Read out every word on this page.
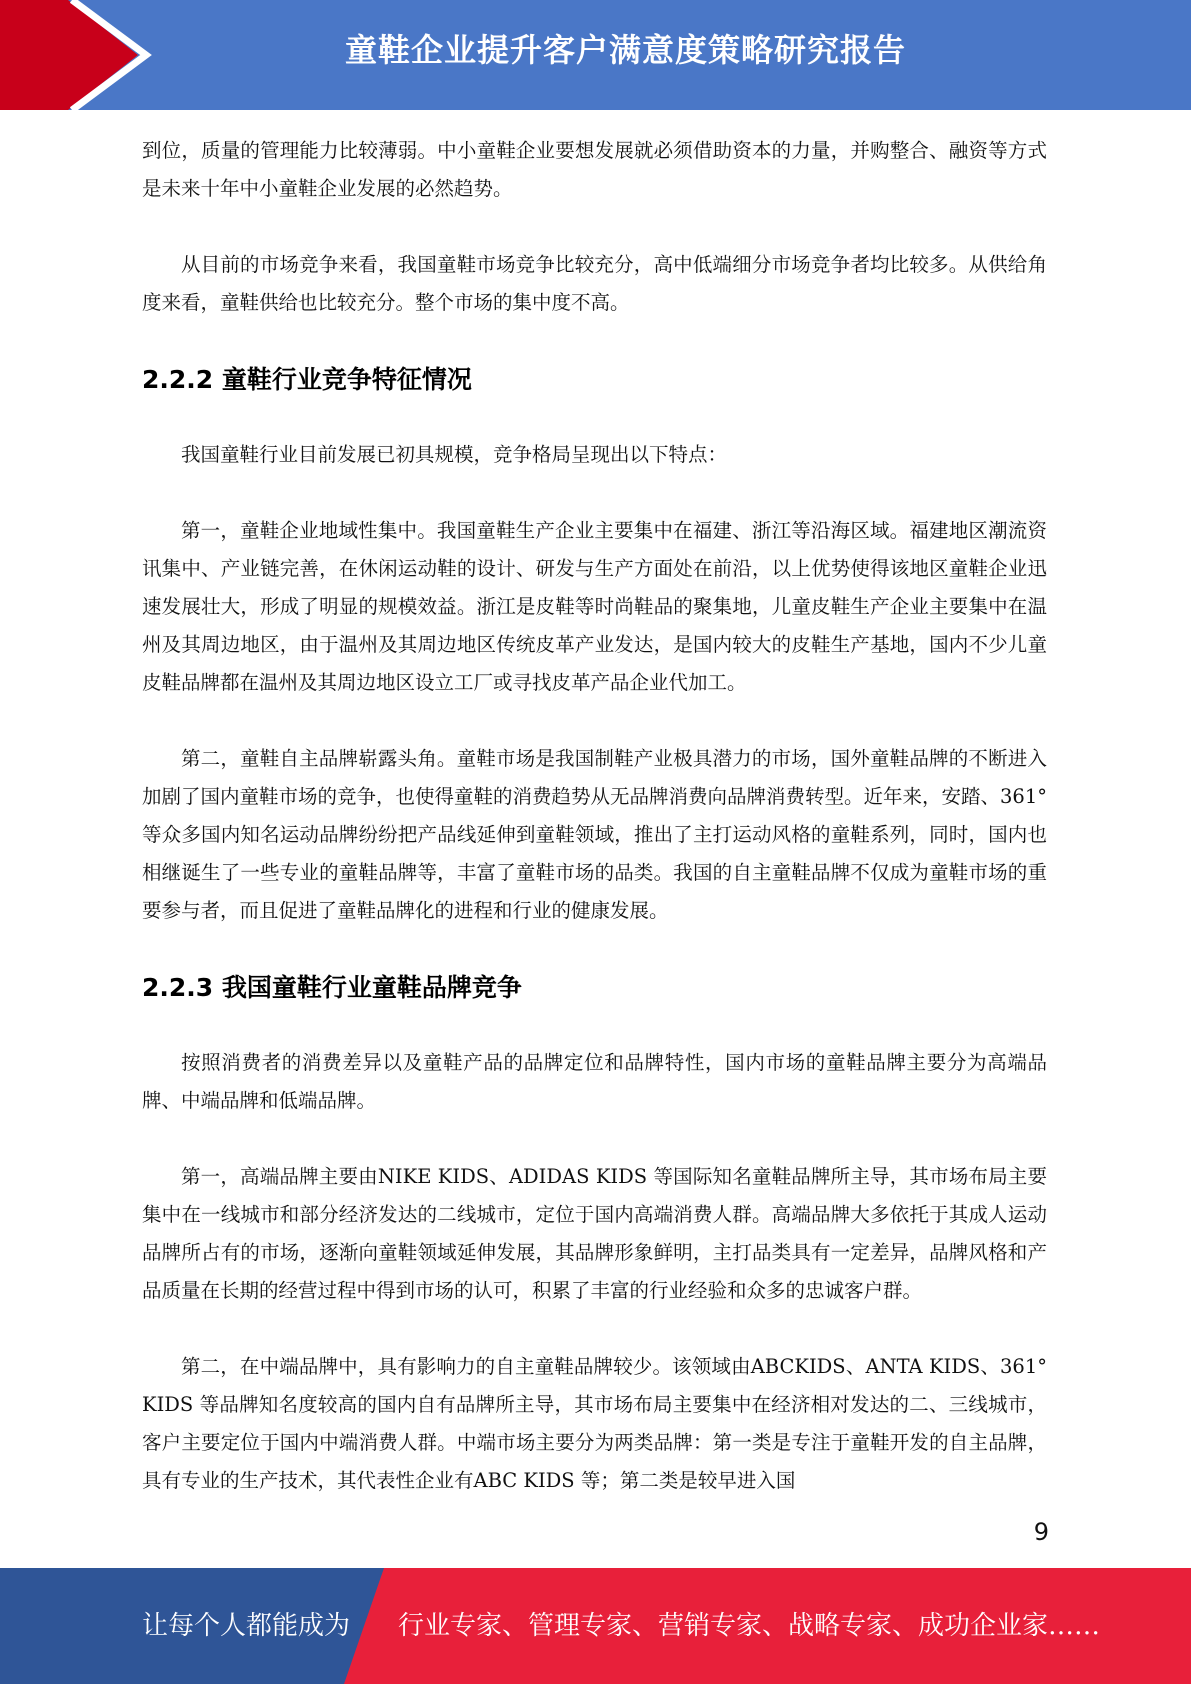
童鞋企业提升客户满意度策略研究报告

到位，质量的管理能力比较薄弱。中小童鞋企业要想发展就必须借助资本的力量，并购整合、融资等方式是未来十年中小童鞋企业发展的必然趋势。

从目前的市场竞争来看，我国童鞋市场竞争比较充分，高中低端细分市场竞争者均比较多。从供给角度来看，童鞋供给也比较充分。整个市场的集中度不高。

2.2.2 童鞋行业竞争特征情况

我国童鞋行业目前发展已初具规模，竞争格局呈现出以下特点：

第一，童鞋企业地域性集中。我国童鞋生产企业主要集中在福建、浙江等沿海区域。福建地区潮流资讯集中、产业链完善，在休闲运动鞋的设计、研发与生产方面处在前沿，以上优势使得该地区童鞋企业迅速发展壮大，形成了明显的规模效益。浙江是皮鞋等时尚鞋品的聚集地，儿童皮鞋生产企业主要集中在温州及其周边地区，由于温州及其周边地区传统皮革产业发达，是国内较大的皮鞋生产基地，国内不少儿童皮鞋品牌都在温州及其周边地区设立工厂或寻找皮革产品企业代加工。

第二，童鞋自主品牌崭露头角。童鞋市场是我国制鞋产业极具潜力的市场，国外童鞋品牌的不断进入加剧了国内童鞋市场的竞争，也使得童鞋的消费趋势从无品牌消费向品牌消费转型。近年来，安踏、361°等众多国内知名运动品牌纷纷把产品线延伸到童鞋领域，推出了主打运动风格的童鞋系列，同时，国内也相继诞生了一些专业的童鞋品牌等，丰富了童鞋市场的品类。我国的自主童鞋品牌不仅成为童鞋市场的重要参与者，而且促进了童鞋品牌化的进程和行业的健康发展。

2.2.3 我国童鞋行业童鞋品牌竞争

按照消费者的消费差异以及童鞋产品的品牌定位和品牌特性，国内市场的童鞋品牌主要分为高端品牌、中端品牌和低端品牌。

第一，高端品牌主要由NIKE KIDS、ADIDAS KIDS 等国际知名童鞋品牌所主导，其市场布局主要集中在一线城市和部分经济发达的二线城市，定位于国内高端消费人群。高端品牌大多依托于其成人运动品牌所占有的市场，逐渐向童鞋领域延伸发展，其品牌形象鲜明，主打品类具有一定差异，品牌风格和产品质量在长期的经营过程中得到市场的认可，积累了丰富的行业经验和众多的忠诚客户群。

第二，在中端品牌中，具有影响力的自主童鞋品牌较少。该领域由ABCKIDS、ANTA KIDS、361° KIDS 等品牌知名度较高的国内自有品牌所主导，其市场布局主要集中在经济相对发达的二、三线城市，客户主要定位于国内中端消费人群。中端市场主要分为两类品牌：第一类是专注于童鞋开发的自主品牌，具有专业的生产技术，其代表性企业有ABC KIDS 等；第二类是较早进入国

9
让每个人都能成为 行业专家、管理专家、营销专家、战略专家、成功企业家……
